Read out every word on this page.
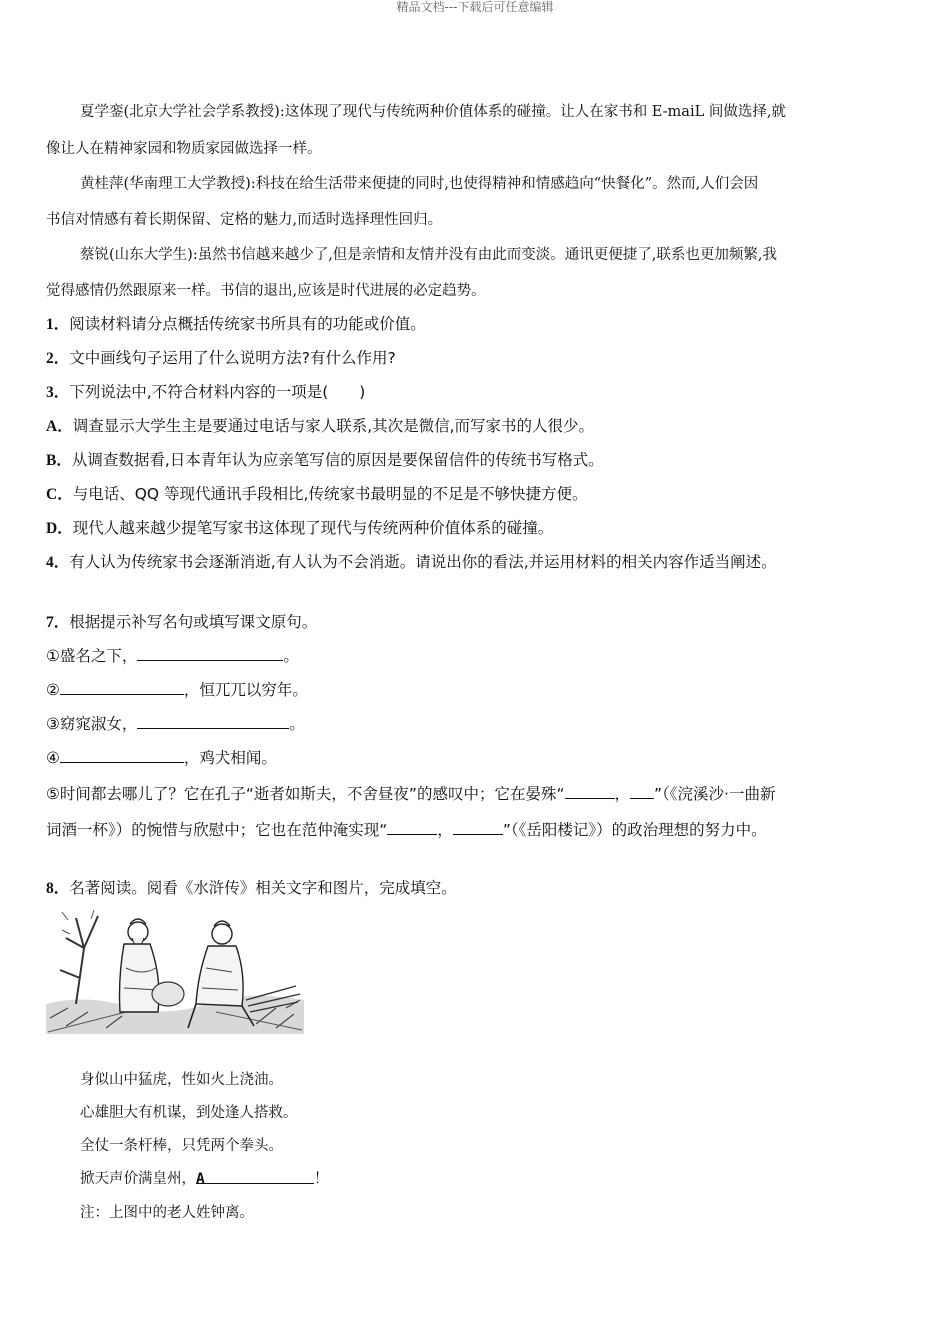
精品文档---下载后可任意编辑
夏学銮(北京大学社会学系教授):这体现了现代与传统两种价值体系的碰撞。让人在家书和 E-maiL 间做选择,就
像让人在精神家园和物质家园做选择一样。
黄桂萍(华南理工大学教授):科技在给生活带来便捷的同时,也使得精神和情感趋向“快餐化”。然而,人们会因
书信对情感有着长期保留、定格的魅力,而适时选择理性回归。
蔡锐(山东大学生):虽然书信越来越少了,但是亲情和友情并没有由此而变淡。通讯更便捷了,联系也更加频繁,我
觉得感情仍然跟原来一样。书信的退出,应该是时代进展的必定趋势。
1．阅读材料请分点概括传统家书所具有的功能或价值。
2．文中画线句子运用了什么说明方法?有什么作用?
3．下列说法中,不符合材料内容的一项是(　　)
A．调查显示大学生主是要通过电话与家人联系,其次是微信,而写家书的人很少。
B．从调查数据看,日本青年认为应亲笔写信的原因是要保留信件的传统书写格式。
C．与电话、QQ 等现代通讯手段相比,传统家书最明显的不足是不够快捷方便。
D．现代人越来越少提笔写家书这体现了现代与传统两种价值体系的碰撞。
4．有人认为传统家书会逐渐消逝,有人认为不会消逝。请说出你的看法,并运用材料的相关内容作适当阐述。
7．根据提示补写名句或填写课文原句。
①盛名之下，	。
②	，恒兀兀以穷年。
③窈窕淑女，	。
④	，鸡犬相闻。
⑤时间都去哪儿了？它在孔子“逝者如斯夫，不舍昼夜”的感叹中；它在晏殊“	， ”（《浣溪沙·一曲新
词酒一杯》）的惋惜与欣慰中；它也在范仲淹实现“	，	”（《岳阳楼记》）的政治理想的努力中。
8．名著阅读。阅看《水浒传》相关文字和图片，完成填空。
身似山中猛虎，性如火上浇油。
心雄胆大有机谋，到处逢人搭救。
全仗一条杆棒，只凭两个拳头。
掀天声价满皇州，A	！
注：上图中的老人姓钟离。
